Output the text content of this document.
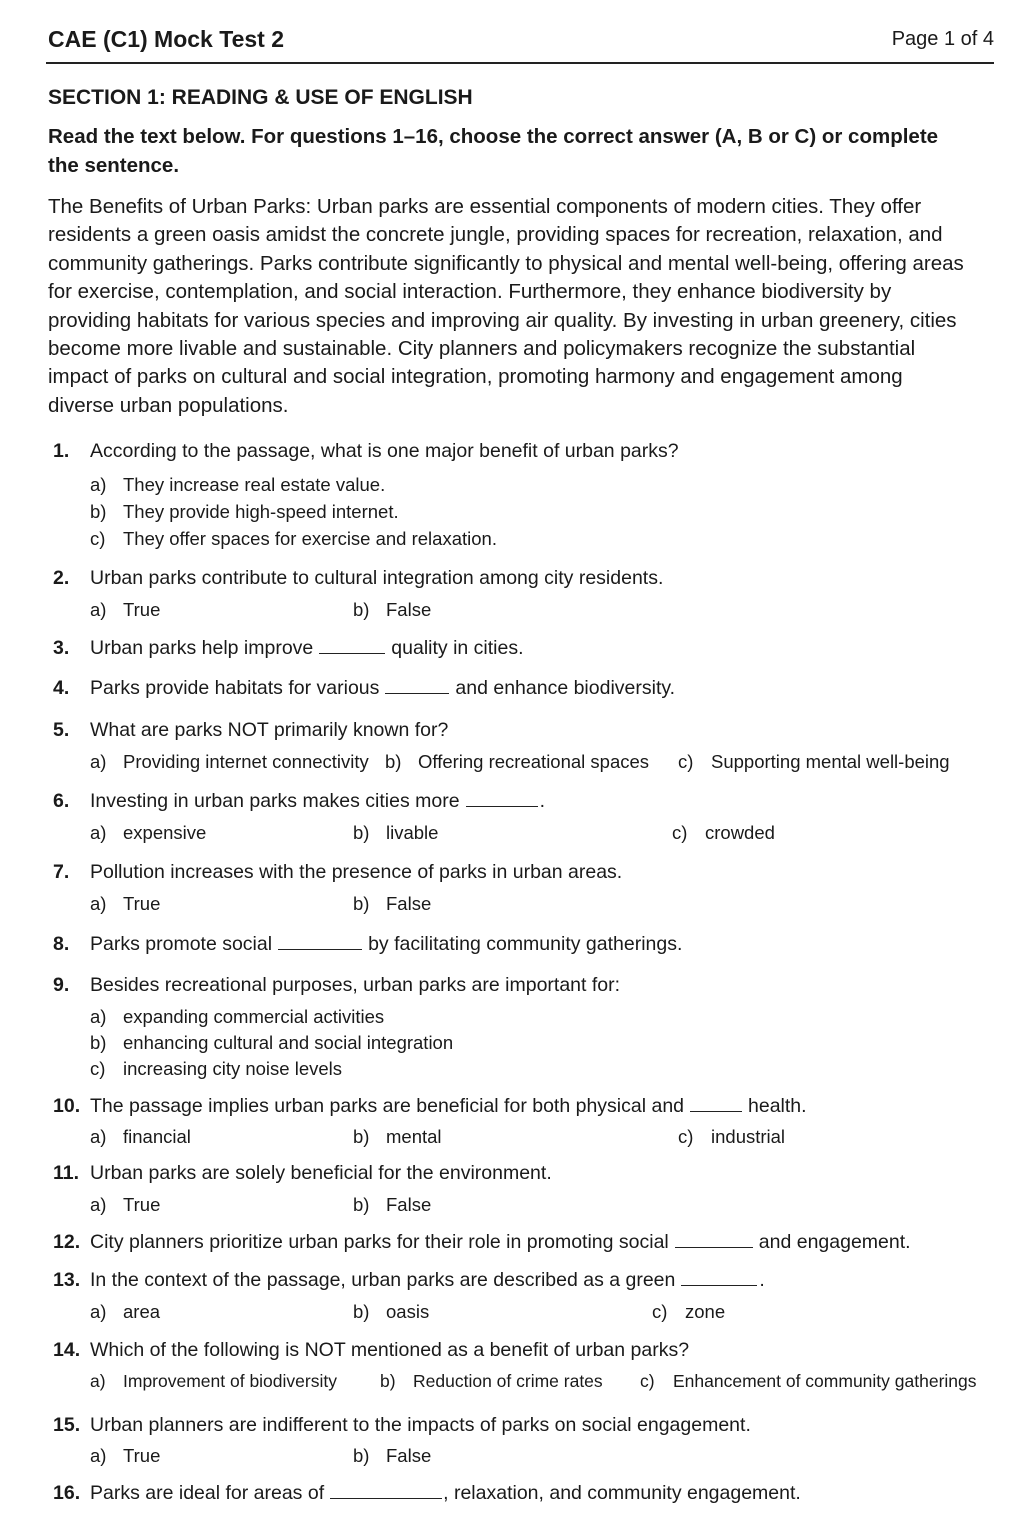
CAE (C1) Mock Test 2	Page 1 of 4
SECTION 1: READING & USE OF ENGLISH
Read the text below. For questions 1–16, choose the correct answer (A, B or C) or complete the sentence.
The Benefits of Urban Parks: Urban parks are essential components of modern cities. They offer residents a green oasis amidst the concrete jungle, providing spaces for recreation, relaxation, and community gatherings. Parks contribute significantly to physical and mental well-being, offering areas for exercise, contemplation, and social interaction. Furthermore, they enhance biodiversity by providing habitats for various species and improving air quality. By investing in urban greenery, cities become more livable and sustainable. City planners and policymakers recognize the substantial impact of parks on cultural and social integration, promoting harmony and engagement among diverse urban populations.
1. According to the passage, what is one major benefit of urban parks?
a) They increase real estate value.
b) They provide high-speed internet.
c) They offer spaces for exercise and relaxation.
2. Urban parks contribute to cultural integration among city residents.
a) True	b) False
3. Urban parks help improve	quality in cities.
4. Parks provide habitats for various	and enhance biodiversity.
5. What are parks NOT primarily known for?
a) Providing internet connectivity b) Offering recreational spaces c) Supporting mental well-being
6. Investing in urban parks makes cities more	.
a) expensive	b) livable	c) crowded
7. Pollution increases with the presence of parks in urban areas.
a) True	b) False
8. Parks promote social	by facilitating community gatherings.
9. Besides recreational purposes, urban parks are important for:
a) expanding commercial activities
b) enhancing cultural and social integration
c) increasing city noise levels
10. The passage implies urban parks are beneficial for both physical and	health.
a) financial	b) mental	c) industrial
11. Urban parks are solely beneficial for the environment.
a) True	b) False
12. City planners prioritize urban parks for their role in promoting social	and engagement.
13. In the context of the passage, urban parks are described as a green	.
a) area	b) oasis	c) zone
14. Which of the following is NOT mentioned as a benefit of urban parks?
a) Improvement of biodiversity b) Reduction of crime rates c) Enhancement of community gatherings
15. Urban planners are indifferent to the impacts of parks on social engagement.
a) True	b) False
16. Parks are ideal for areas of	, relaxation, and community engagement.
